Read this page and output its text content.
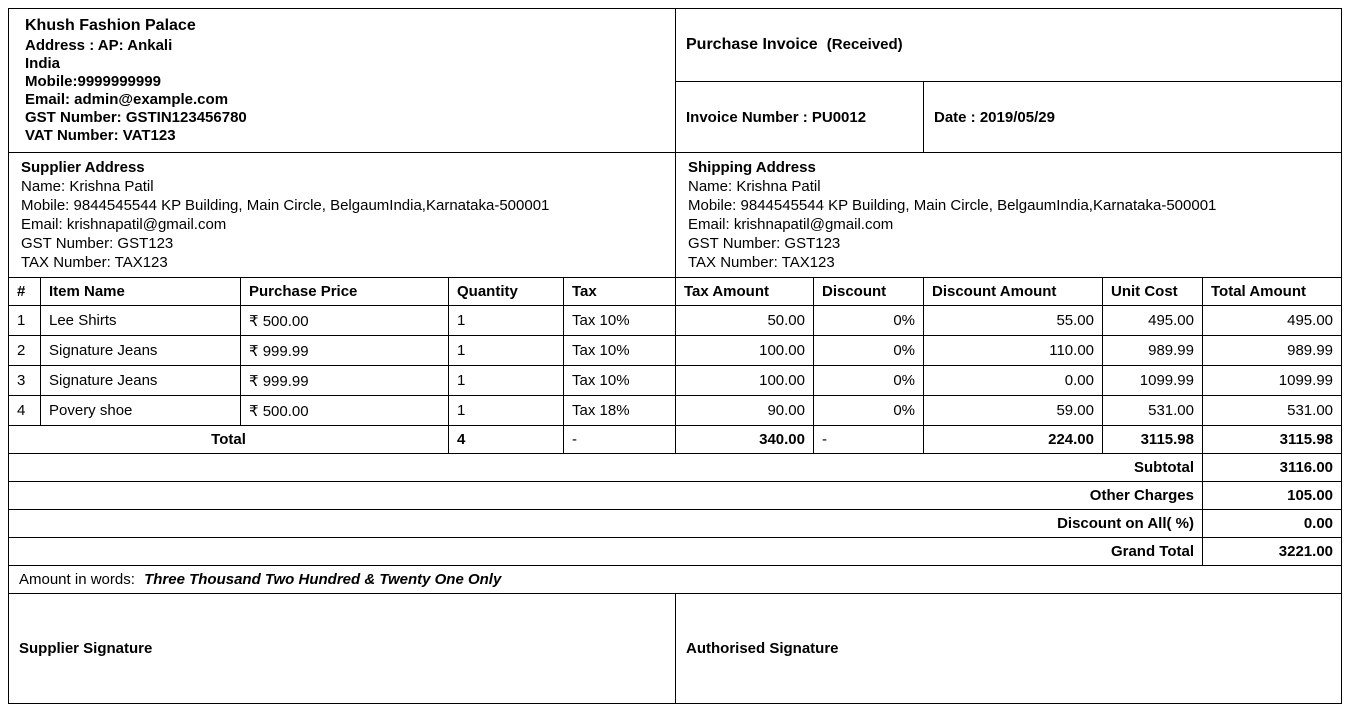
Khush Fashion Palace
Address : AP: Ankali
India
Mobile:9999999999
Email: admin@example.com
GST Number: GSTIN123456780
VAT Number: VAT123
	Purchase Invoice (Received)
					Invoice Number : PU0012		Date : 2019/05/29		

Supplier Address
Name: Krishna Patil
Mobile: 9844545544 KP Building, Main Circle, BelgaumIndia,Karnataka-500001
Email: krishnapatil@gmail.com
GST Number: GST123
TAX Number: TAX123

Shipping Address
Name: Krishna Patil
Mobile: 9844545544 KP Building, Main Circle, BelgaumIndia,Karnataka-500001
Email: krishnapatil@gmail.com
GST Number: GST123
TAX Number: TAX123

#	Item Name	Purchase Price	Quantity	Tax	Tax Amount	Discount	Discount Amount	Unit Cost	Total Amount
1	Lee Shirts	₹ 500.00	1	Tax 10%	50.00	0%	55.00	495.00	495.00
2	Signature Jeans	₹ 999.99	1	Tax 10%	100.00	0%	110.00	989.99	989.99
3	Signature Jeans	₹ 999.99	1	Tax 10%	100.00	0%	0.00	1099.99	1099.99
4	Povery shoe	₹ 500.00	1	Tax 18%	90.00	0%	59.00	531.00	531.00
Total			4	-	340.00	-	224.00	3115.98	3115.98
Subtotal									3116.00
Other Charges									105.00
Discount on All( %)									0.00
Grand Total									3221.00
Amount in words: Three Thousand Two Hundred & Twenty One Only									
Supplier Signature					Authorised Signature				
